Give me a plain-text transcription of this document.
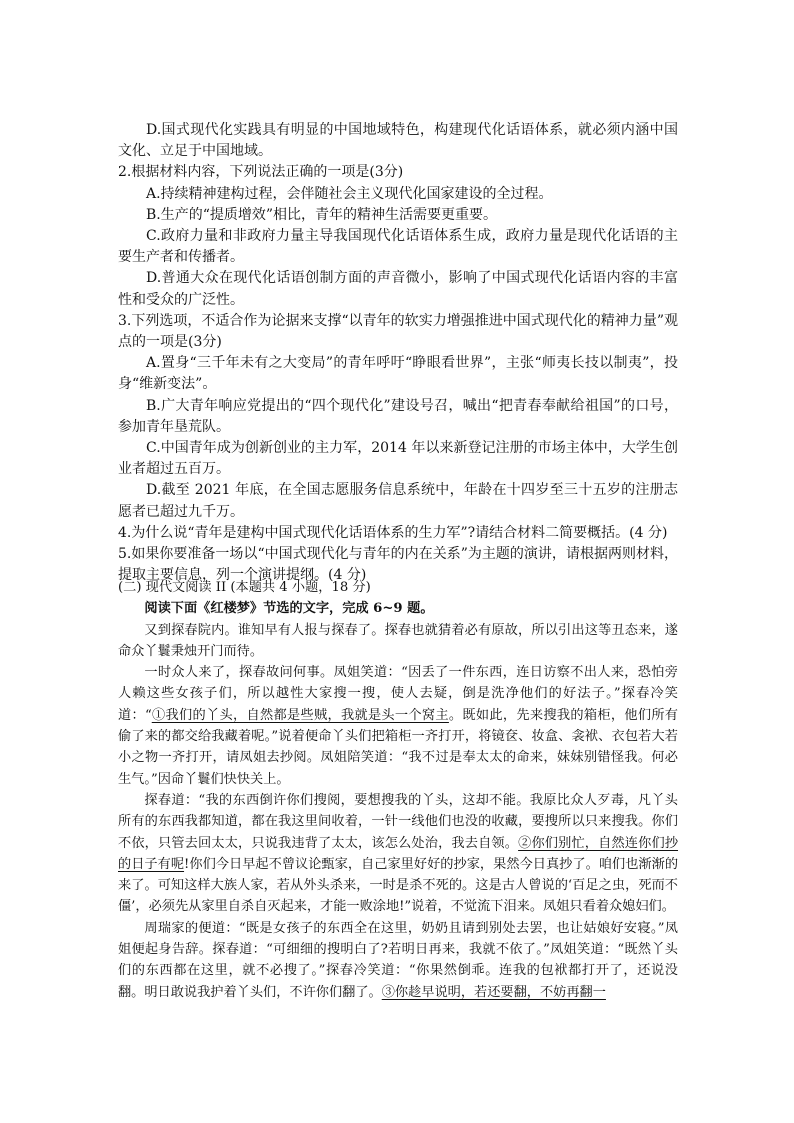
D.国式现代化实践具有明显的中国地域特色，构建现代化话语体系，就必须内涵中国文化、立足于中国地域。

2.根据材料内容，下列说法正确的一项是(3分)

A.持续精神建构过程，会伴随社会主义现代化国家建设的全过程。

B.生产的“提质增效”相比，青年的精神生活需要更重要。

C.政府力量和非政府力量主导我国现代化话语体系生成，政府力量是现代化话语的主要生产者和传播者。

D.普通大众在现代化话语创制方面的声音微小，影响了中国式现代化话语内容的丰富性和受众的广泛性。

3.下列选项，不适合作为论据来支撑“以青年的软实力增强推进中国式现代化的精神力量”观点的一项是(3分)

A.置身“三千年未有之大变局”的青年呼吁“睁眼看世界”，主张“师夷长技以制夷”，投身“维新变法”。

B.广大青年响应党提出的“四个现代化”建设号召，喊出“把青春奉献给祖国”的口号，参加青年垦荒队。

C.中国青年成为创新创业的主力军，2014 年以来新登记注册的市场主体中，大学生创业者超过五百万。

D.截至 2021 年底，在全国志愿服务信息系统中，年龄在十四岁至三十五岁的注册志愿者已超过九千万。

4.为什么说“青年是建构中国式现代化话语体系的生力军”?请结合材料二简要概括。(4 分)

5.如果你要准备一场以“中国式现代化与青年的内在关系”为主题的演讲，请根据两则材料，提取主要信息，列一个演讲提纲。(4 分)

(二) 现代文阅读 II (本题共 4 小题，18 分)

阅读下面《红楼梦》节选的文字，完成 6~9 题。

又到探春院内。谁知早有人报与探春了。探春也就猜着必有原故，所以引出这等丑态来，遂命众丫鬟秉烛开门而待。

一时众人来了，探春故问何事。凤姐笑道：“因丢了一件东西，连日访察不出人来，恐怕旁人赖这些女孩子们，所以越性大家搜一搜，使人去疑，倒是洗净他们的好法子。”探春冷笑道：“①我们的丫头，自然都是些贼，我就是头一个窝主。既如此，先来搜我的箱柜，他们所有偷了来的都交给我藏着呢。”说着便命丫头们把箱柜一齐打开，将镜奁、妆盒、衾袱、衣包若大若小之物一齐打开，请凤姐去抄阅。凤姐陪笑道：“我不过是奉太太的命来，妹妹别错怪我。何必生气。”因命丫鬟们快快关上。

探春道：“我的东西倒许你们搜阅，要想搜我的丫头，这却不能。我原比众人歹毒，凡丫头所有的东西我都知道，都在我这里间收着，一针一线他们也没的收藏，要搜所以只来搜我。你们不依，只管去回太太，只说我违背了太太，该怎么处治，我去自领。②你们别忙，自然连你们抄的日子有呢!你们今日早起不曾议论甄家，自己家里好好的抄家，果然今日真抄了。咱们也渐渐的来了。可知这样大族人家，若从外头杀来，一时是杀不死的。这是古人曾说的‘百足之虫，死而不僵’，必须先从家里自杀自灭起来，才能一败涂地!”说着，不觉流下泪来。凤姐只看着众媳妇们。

周瑞家的便道：“既是女孩子的东西全在这里，奶奶且请到别处去罢，也让姑娘好安寝。”凤姐便起身告辞。探春道：“可细细的搜明白了?若明日再来，我就不依了。”凤姐笑道：“既然丫头们的东西都在这里，就不必搜了。”探春冷笑道：“你果然倒乖。连我的包袱都打开了，还说没翻。明日敢说我护着丫头们，不许你们翻了。③你趁早说明，若还要翻，不妨再翻一
